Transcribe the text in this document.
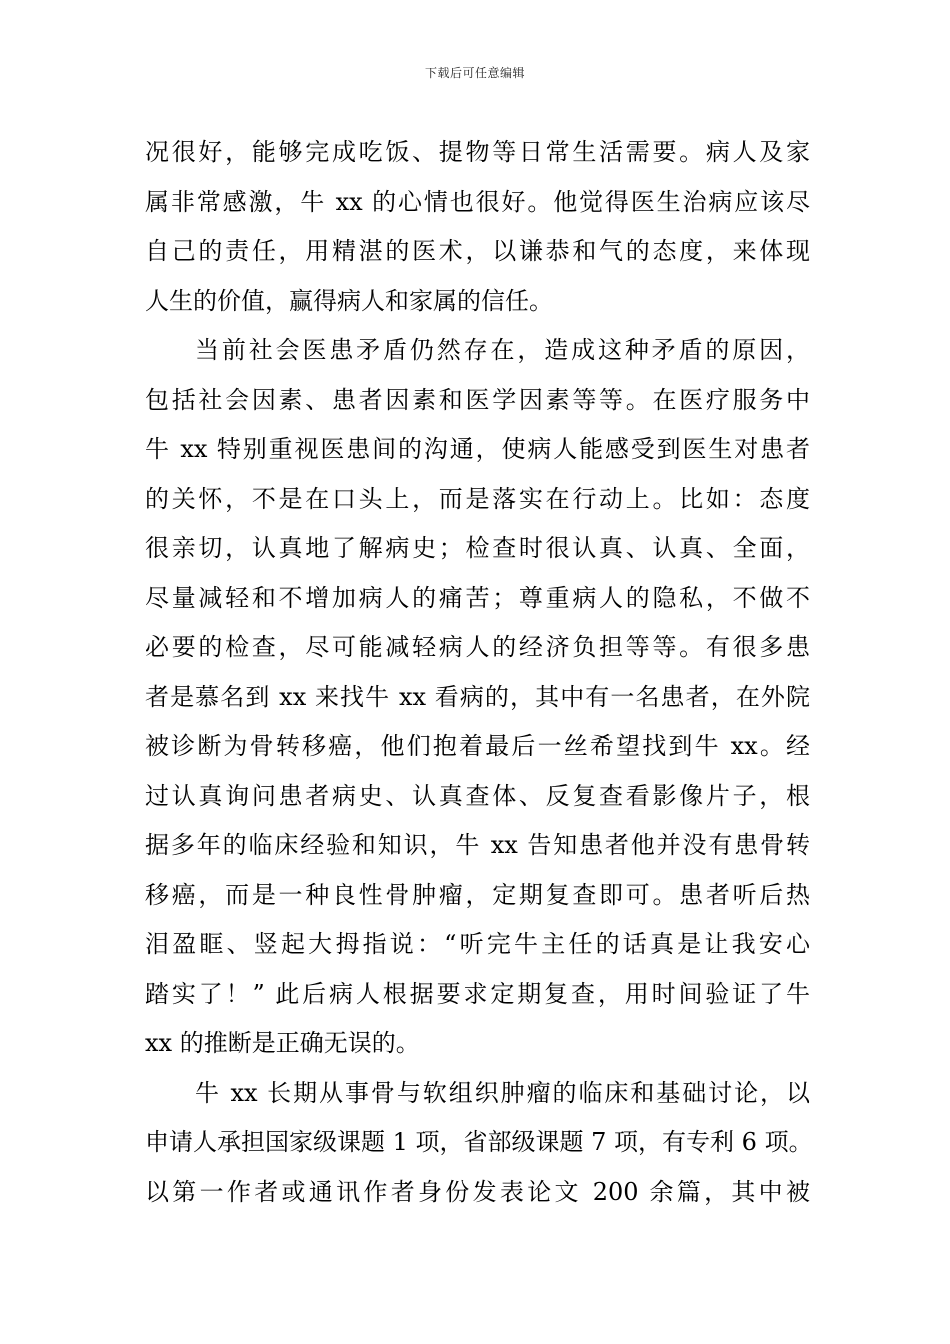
下载后可任意编辑
况很好，能够完成吃饭、提物等日常生活需要。病人及家
属非常感激，牛 xx 的心情也很好。他觉得医生治病应该尽
自己的责任，用精湛的医术，以谦恭和气的态度，来体现
人生的价值，赢得病人和家属的信任。
当前社会医患矛盾仍然存在，造成这种矛盾的原因，
包括社会因素、患者因素和医学因素等等。在医疗服务中
牛 xx 特别重视医患间的沟通，使病人能感受到医生对患者
的关怀，不是在口头上，而是落实在行动上。比如：态度
很亲切，认真地了解病史；检查时很认真、认真、全面，
尽量减轻和不增加病人的痛苦；尊重病人的隐私，不做不
必要的检查，尽可能减轻病人的经济负担等等。有很多患
者是慕名到 xx 来找牛 xx 看病的，其中有一名患者，在外院
被诊断为骨转移癌，他们抱着最后一丝希望找到牛 xx。经
过认真询问患者病史、认真查体、反复查看影像片子，根
据多年的临床经验和知识，牛 xx 告知患者他并没有患骨转
移癌，而是一种良性骨肿瘤，定期复查即可。患者听后热
泪盈眶、竖起大拇指说：“听完牛主任的话真是让我安心
踏实了！” 此后病人根据要求定期复查，用时间验证了牛
xx 的推断是正确无误的。
牛 xx 长期从事骨与软组织肿瘤的临床和基础讨论，以
申请人承担国家级课题 1 项，省部级课题 7 项，有专利 6 项。
以第一作者或通讯作者身份发表论文 200 余篇，其中被
